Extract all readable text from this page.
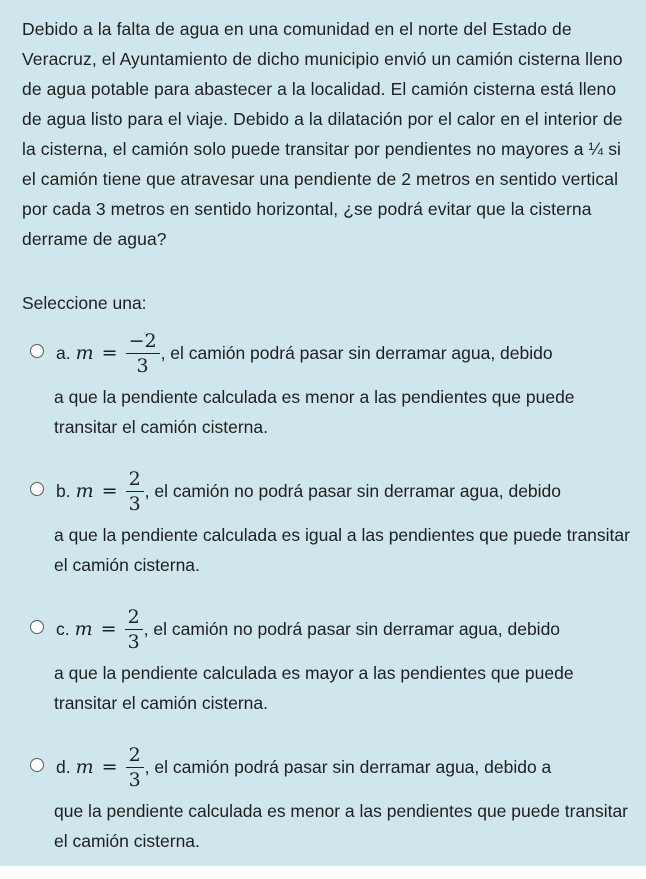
Debido a la falta de agua en una comunidad en el norte del Estado de Veracruz, el Ayuntamiento de dicho municipio envió un camión cisterna lleno de agua potable para abastecer a la localidad. El camión cisterna está lleno de agua listo para el viaje. Debido a la dilatación por el calor en el interior de la cisterna, el camión solo puede transitar por pendientes no mayores a ¼ si el camión tiene que atravesar una pendiente de 2 metros en sentido vertical por cada 3 metros en sentido horizontal, ¿se podrá evitar que la cisterna derrame de agua?

Seleccione una:

a. $m = \frac{-2}{3}$ , el camión podrá pasar sin derramar agua, debido
a que la pendiente calculada es menor a las pendientes que puede transitar el camión cisterna.
b. $m = \frac{2}{3}$ , el camión no podrá pasar sin derramar agua, debido
a que la pendiente calculada es igual a las pendientes que puede transitar el camión cisterna.
c. $m = \frac{2}{3}$ , el camión no podrá pasar sin derramar agua, debido
a que la pendiente calculada es mayor a las pendientes que puede transitar el camión cisterna.
d. $m = \frac{2}{3}$ , el camión podrá pasar sin derramar agua, debido a
que la pendiente calculada es menor a las pendientes que puede transitar el camión cisterna.
